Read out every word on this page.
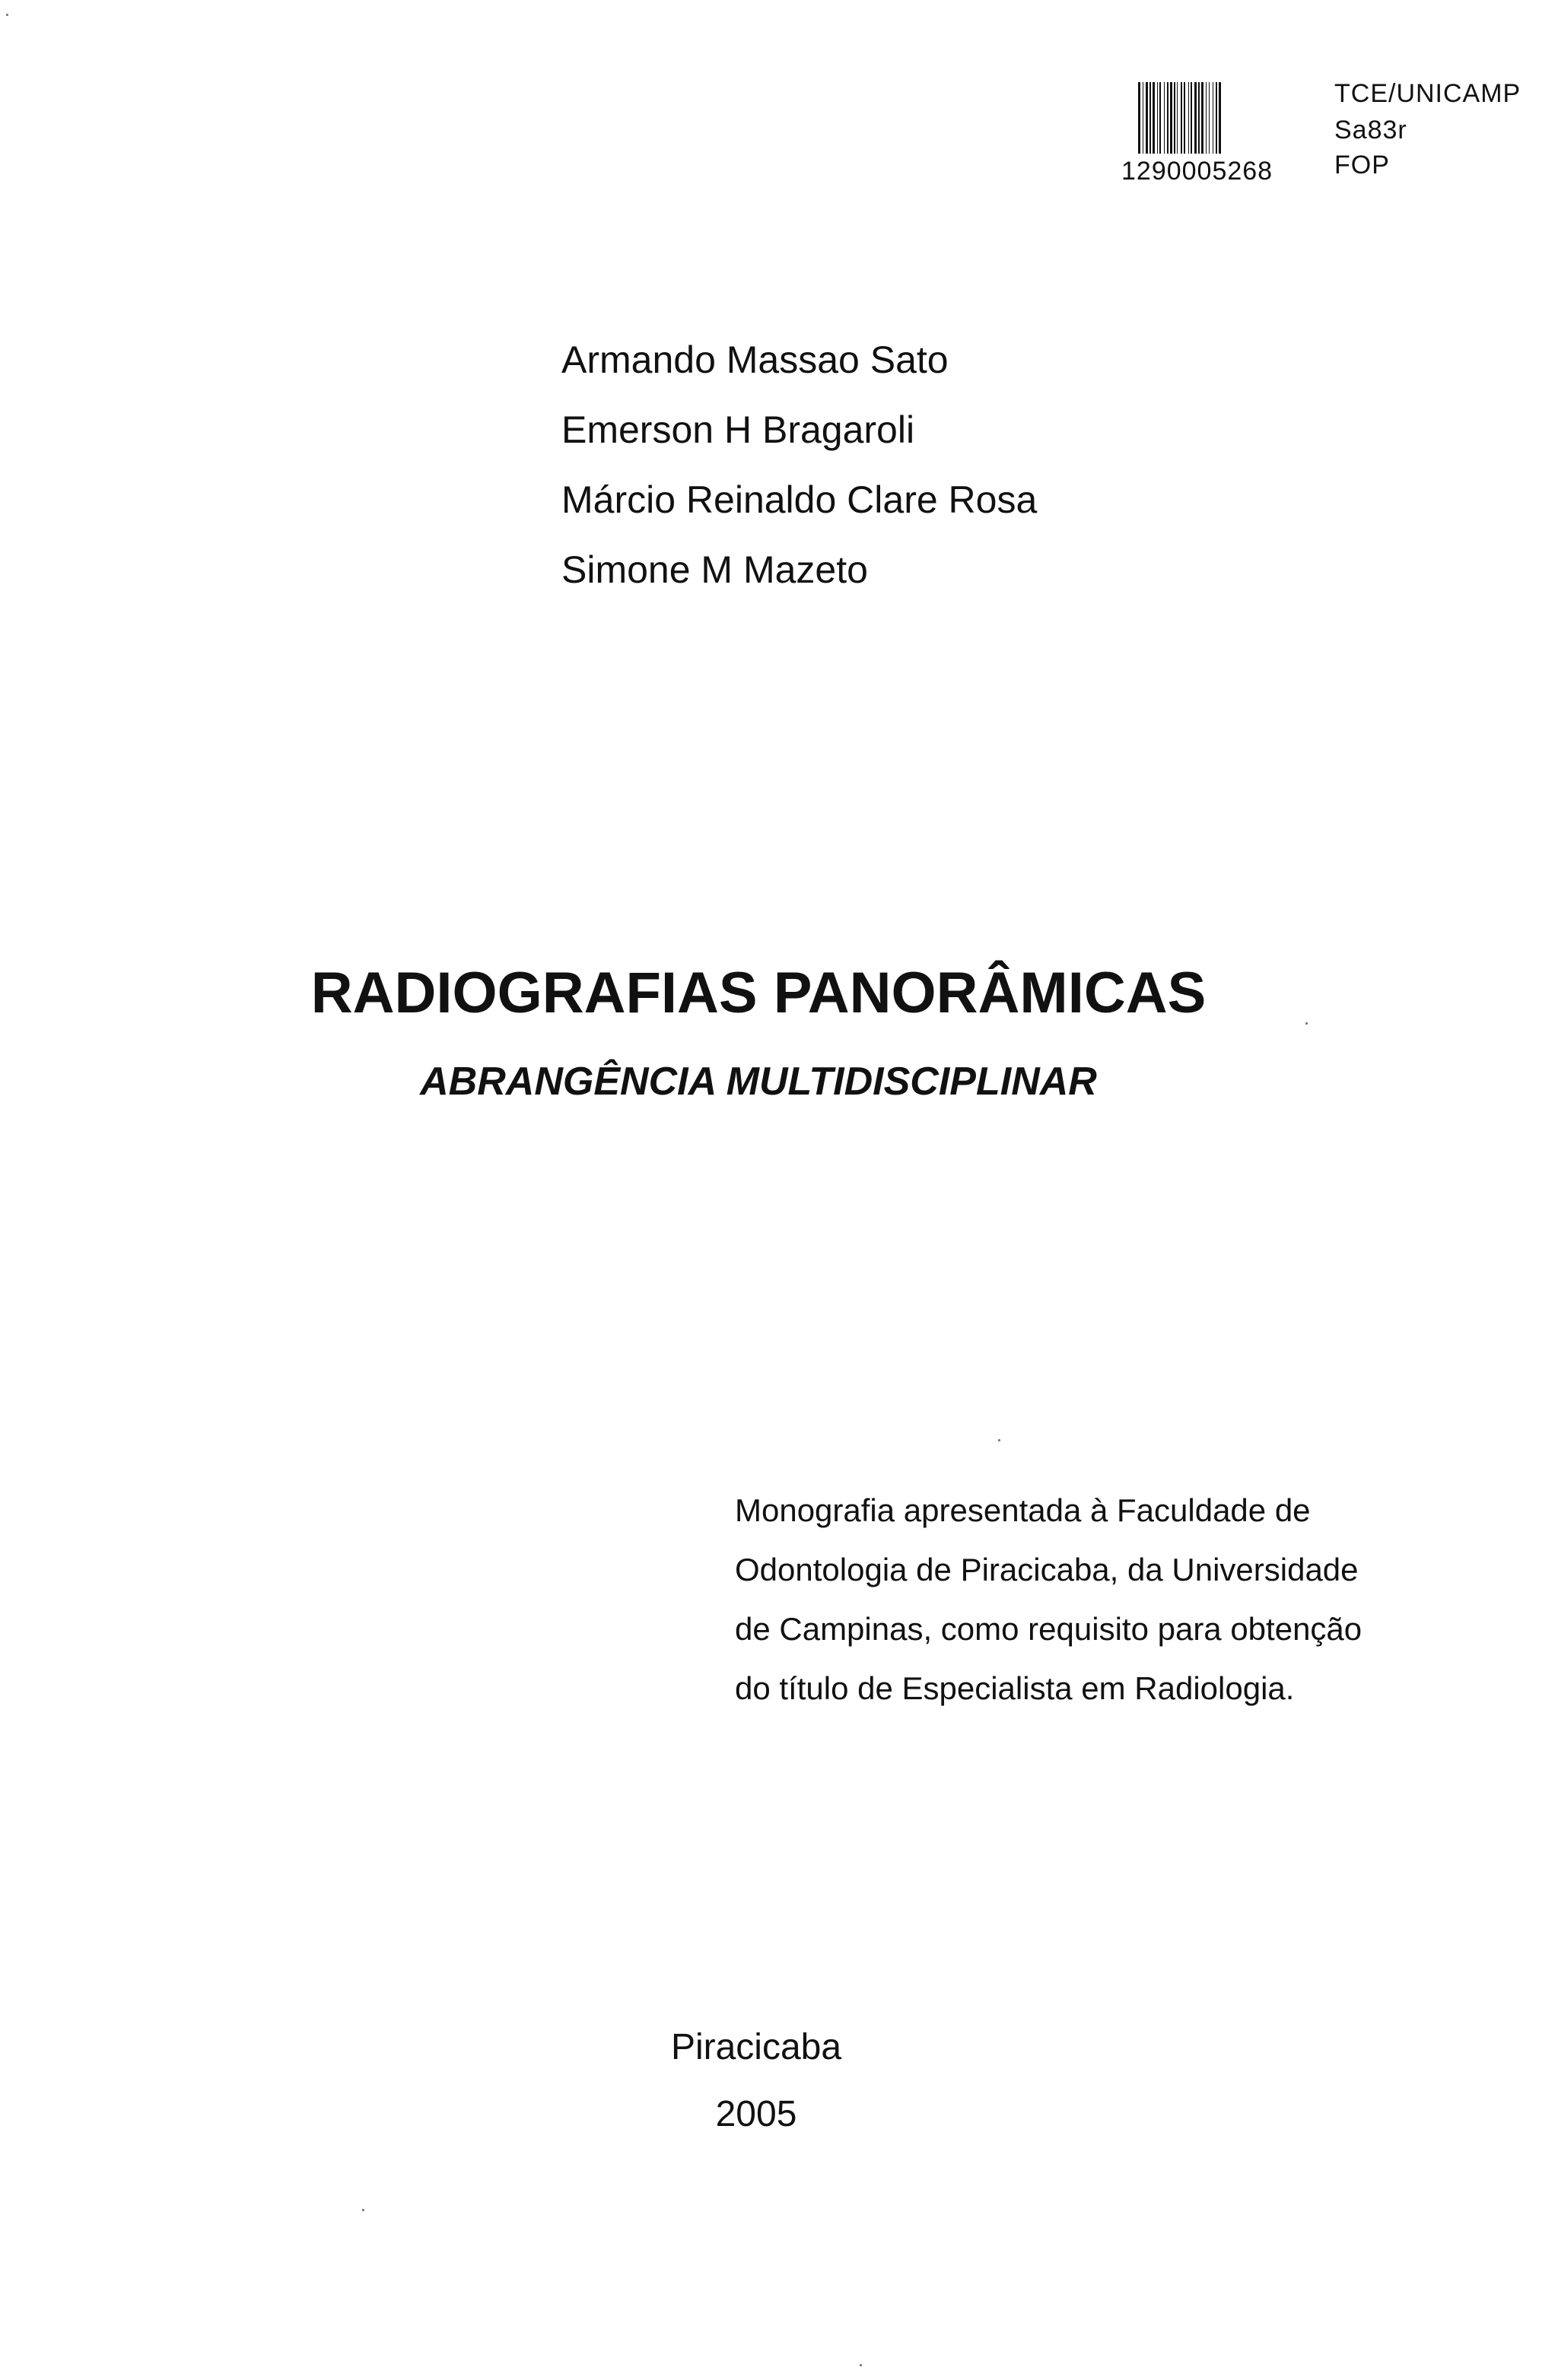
1290005268
TCE/UNICAMP
Sa83r
FOP
Armando Massao Sato
Emerson H Bragaroli
Márcio Reinaldo Clare Rosa
Simone M Mazeto
RADIOGRAFIAS PANORÂMICAS
ABRANGÊNCIA MULTIDISCIPLINAR
Monografia apresentada à Faculdade de
Odontologia de Piracicaba, da Universidade
de Campinas, como requisito para obtenção
do título de Especialista em Radiologia.
Piracicaba
2005
